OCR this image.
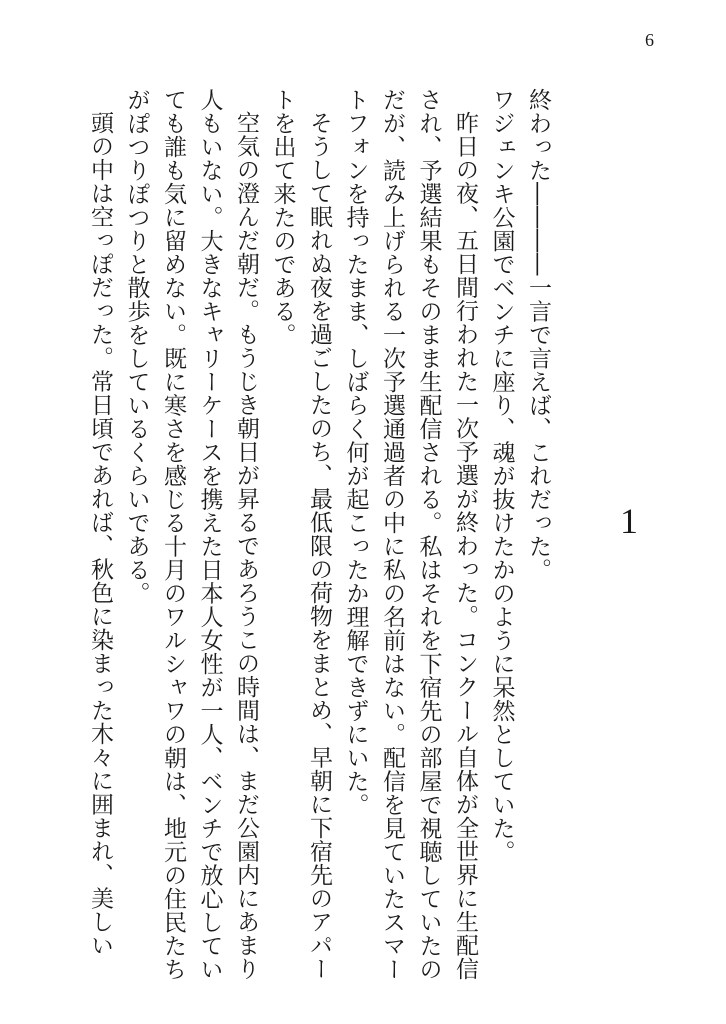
6
1

終わった――――一言で言えば、これだった。

ワジェンキ公園でベンチに座り、魂が抜けたかのように呆然としていた。

昨日の夜、五日間行われた一次予選が終わった。コンクール自体が全世界に生配信され、予選結果もそのまま生配信される。私はそれを下宿先の部屋で視聴していたのだが、読み上げられる一次予選通過者の中に私の名前はない。配信を見ていたスマートフォンを持ったまま、しばらく何が起こったか理解できずにいた。

そうして眠れぬ夜を過ごしたのち、最低限の荷物をまとめ、早朝に下宿先のアパートを出て来たのである。

空気の澄んだ朝だ。もうじき朝日が昇るであろうこの時間は、まだ公園内にあまり人もいない。大きなキャリーケースを携えた日本人女性が一人、ベンチで放心していても誰も気に留めない。既に寒さを感じる十月のワルシャワの朝は、地元の住民たちがぽつりぽつりと散歩をしているくらいである。

頭の中は空っぽだった。常日頃であれば、秋色に染まった木々に囲まれ、美しい
